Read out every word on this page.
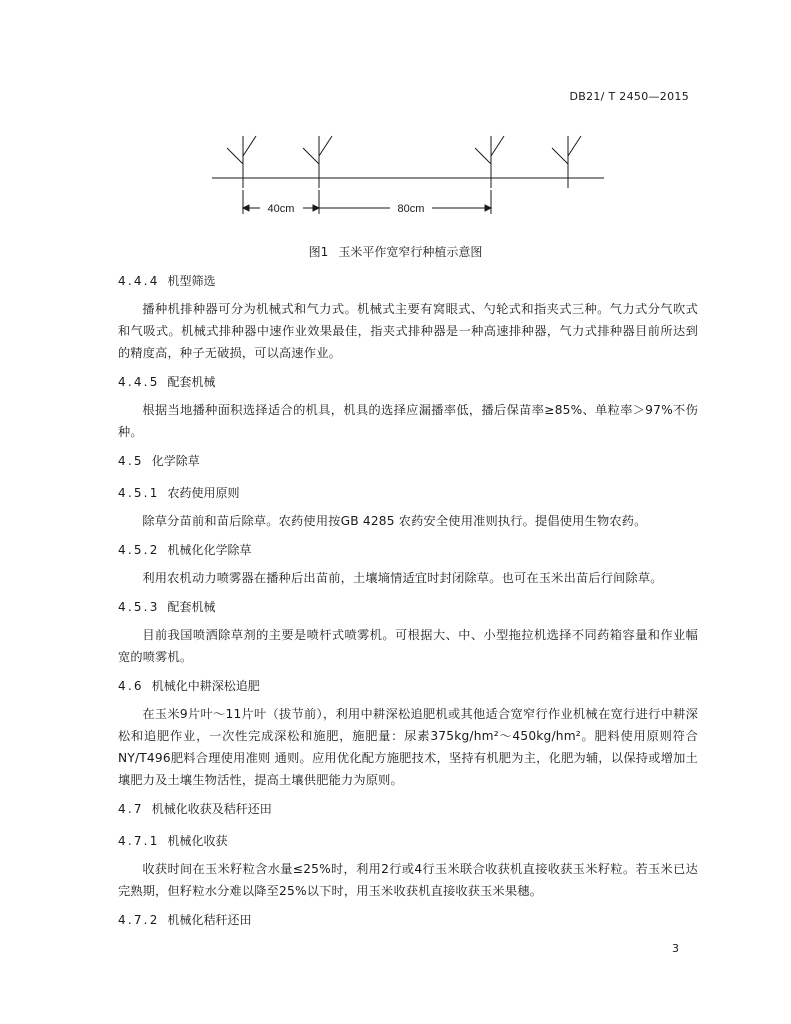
DB21/ T 2450—2015
40cm	80cm
图1 玉米平作宽窄行种植示意图
4.4.4 机型筛选

播种机排种器可分为机械式和气力式。机械式主要有窝眼式、勺轮式和指夹式三种。气力式分气吹式和气吸式。机械式排种器中速作业效果最佳，指夹式排种器是一种高速排种器，气力式排种器目前所达到的精度高，种子无破损，可以高速作业。

4.4.5 配套机械

根据当地播种面积选择适合的机具，机具的选择应漏播率低，播后保苗率≥85%、单粒率＞97%不伤种。

4.5 化学除草
4.5.1 农药使用原则

除草分苗前和苗后除草。农药使用按GB 4285 农药安全使用准则执行。提倡使用生物农药。

4.5.2 机械化化学除草

利用农机动力喷雾器在播种后出苗前，土壤墒情适宜时封闭除草。也可在玉米出苗后行间除草。

4.5.3 配套机械

目前我国喷洒除草剂的主要是喷杆式喷雾机。可根据大、中、小型拖拉机选择不同药箱容量和作业幅宽的喷雾机。

4.6 机械化中耕深松追肥

在玉米9片叶～11片叶（拔节前），利用中耕深松追肥机或其他适合宽窄行作业机械在宽行进行中耕深松和追肥作业，一次性完成深松和施肥，施肥量：尿素375kg/hm²～450kg/hm²。肥料使用原则符合NY/T496肥料合理使用准则 通则。应用优化配方施肥技术，坚持有机肥为主，化肥为辅，以保持或增加土壤肥力及土壤生物活性，提高土壤供肥能力为原则。

4.7 机械化收获及秸秆还田
4.7.1 机械化收获

收获时间在玉米籽粒含水量≤25%时，利用2行或4行玉米联合收获机直接收获玉米籽粒。若玉米已达完熟期，但籽粒水分难以降至25%以下时，用玉米收获机直接收获玉米果穗。

4.7.2 机械化秸秆还田
3
